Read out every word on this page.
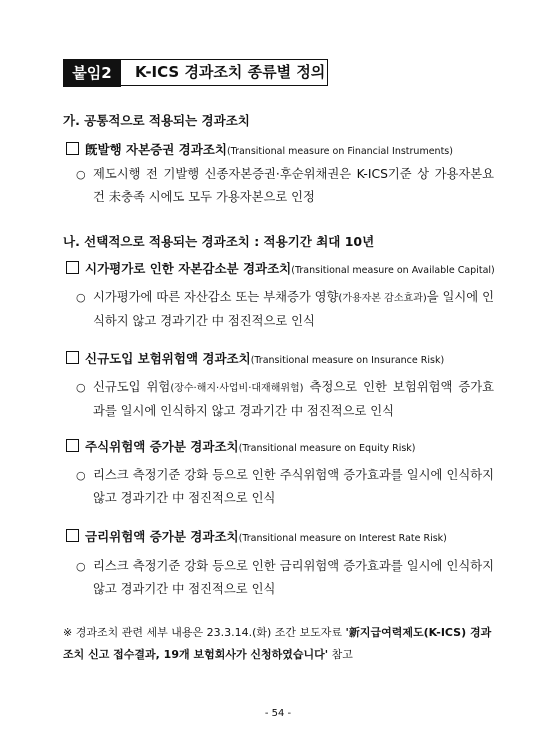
붙임2	K-ICS 경과조치 종류별 정의
가. 공통적으로 적용되는 경과조치
旣발행 자본증권 경과조치(Transitional measure on Financial Instruments)
○ 제도시행 전 기발행 신종자본증권·후순위채권은 K-ICS기준 상 가용자본요건 未충족 시에도 모두 가용자본으로 인정
나. 선택적으로 적용되는 경과조치 : 적용기간 최대 10년
시가평가로 인한 자본감소분 경과조치(Transitional measure on Available Capital)
○ 시가평가에 따른 자산감소 또는 부채증가 영향(가용자본 감소효과)을 일시에 인식하지 않고 경과기간 中 점진적으로 인식
신규도입 보험위험액 경과조치(Transitional measure on Insurance Risk)
○ 신규도입 위험(장수·해지·사업비·대재해위험) 측정으로 인한 보험위험액 증가효과를 일시에 인식하지 않고 경과기간 中 점진적으로 인식
주식위험액 증가분 경과조치(Transitional measure on Equity Risk)
○ 리스크 측정기준 강화 등으로 인한 주식위험액 증가효과를 일시에 인식하지 않고 경과기간 中 점진적으로 인식
금리위험액 증가분 경과조치(Transitional measure on Interest Rate Risk)
○ 리스크 측정기준 강화 등으로 인한 금리위험액 증가효과를 일시에 인식하지 않고 경과기간 中 점진적으로 인식
※ 경과조치 관련 세부 내용은 23.3.14.(화) 조간 보도자료 '新지급여력제도(K-ICS) 경과조치 신고 접수결과, 19개 보험회사가 신청하였습니다' 참고
- 54 -
